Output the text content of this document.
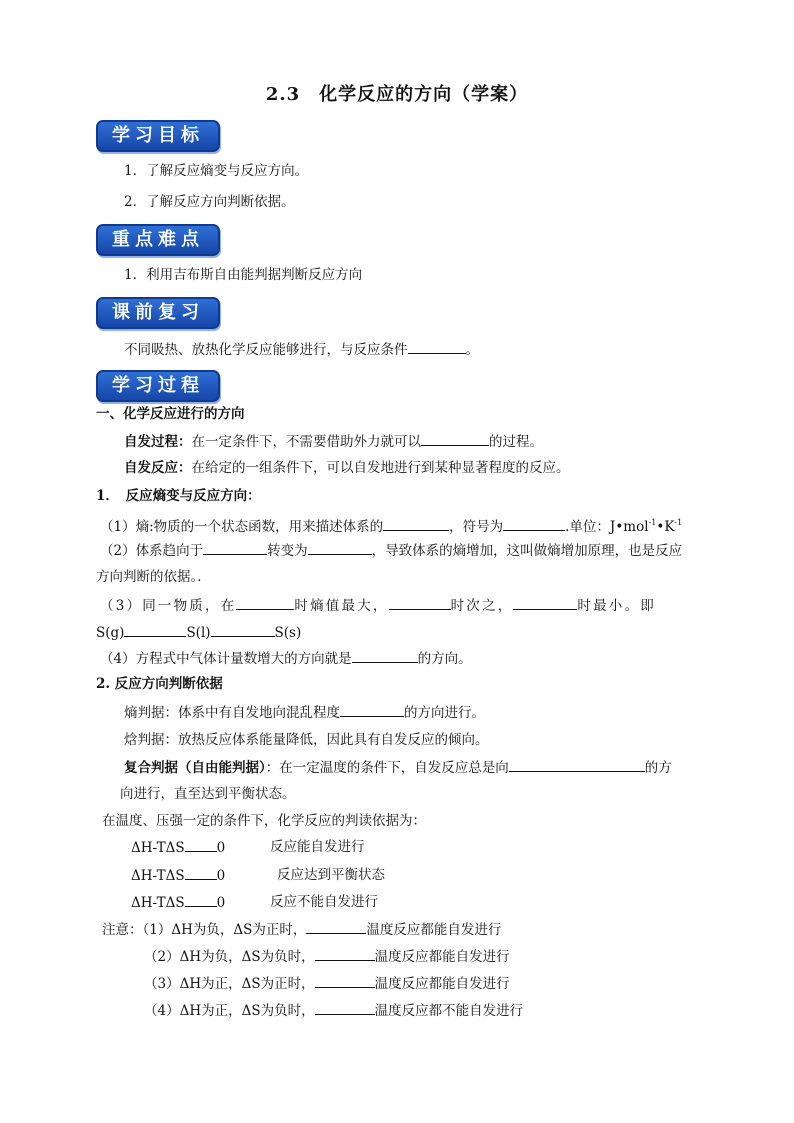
2.3　化学反应的方向（学案）
学习目标
1．了解反应熵变与反应方向。
2．了解反应方向判断依据。
重点难点
1．利用吉布斯自由能判据判断反应方向
课前复习
不同吸热、放热化学反应能够进行，与反应条件	。
学习过程
一、化学反应进行的方向
自发过程：在一定条件下，不需要借助外力就可以	的过程。
自发反应：在给定的一组条件下，可以自发地进行到某种显著程度的反应。
1．　反应熵变与反应方向：
（1）熵:物质的一个状态函数，用来描述体系的	，符号为	.单位：$J•mol^{-1}•K^{-1}$
（2）体系趋向于	转变为	，导致体系的熵增加，这叫做熵增加原理，也是反应
方向判断的依据。．
（3）同一物质，在	时熵值最大，	时次之，	时最小。即
S(g)	S(l)	S(s)
（4）方程式中气体计量数增大的方向就是	的方向。
2. 反应方向判断依据
熵判据：体系中有自发地向混乱程度	的方向进行。
焓判据：放热反应体系能量降低，因此具有自发反应的倾向。
复合判据（自由能判据）：在一定温度的条件下，自发反应总是向	的方
向进行，直至达到平衡状态。
在温度、压强一定的条件下，化学反应的判读依据为：
ΔH-TΔS 0	反应能自发进行
ΔH-TΔS 0	反应达到平衡状态
ΔH-TΔS 0	反应不能自发进行
注意：（1）ΔH为负，ΔS为正时，	温度反应都能自发进行
（2）ΔH为负，ΔS为负时，	温度反应都能自发进行
（3）ΔH为正，ΔS为正时，	温度反应都能自发进行
（4）ΔH为正，ΔS为负时，	温度反应都不能自发进行
